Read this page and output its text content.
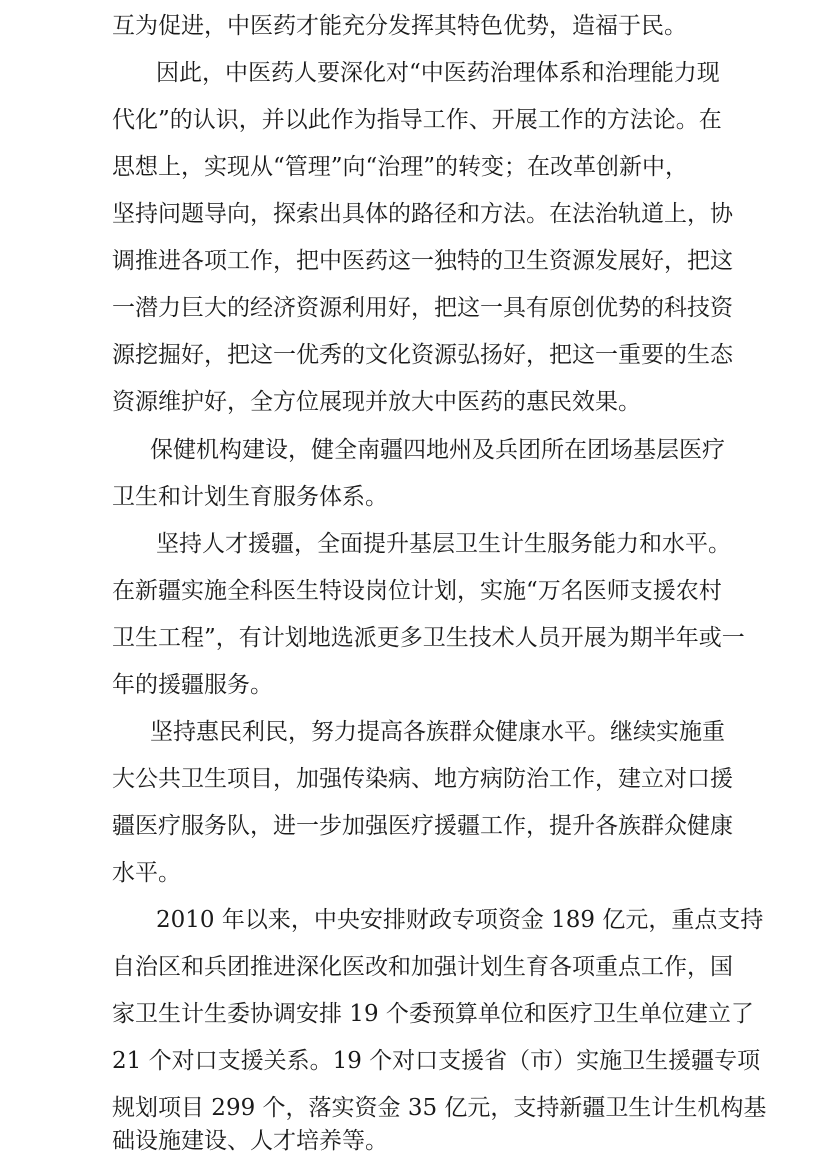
互为促进，中医药才能充分发挥其特色优势，造福于民。

因此，中医药人要深化对“中医药治理体系和治理能力现

代化”的认识，并以此作为指导工作、开展工作的方法论。在

思想上，实现从“管理”向“治理”的转变；在改革创新中，

坚持问题导向，探索出具体的路径和方法。在法治轨道上，协

调推进各项工作，把中医药这一独特的卫生资源发展好，把这

一潜力巨大的经济资源利用好，把这一具有原创优势的科技资

源挖掘好，把这一优秀的文化资源弘扬好，把这一重要的生态

资源维护好，全方位展现并放大中医药的惠民效果。

保健机构建设，健全南疆四地州及兵团所在团场基层医疗

卫生和计划生育服务体系。

坚持人才援疆，全面提升基层卫生计生服务能力和水平。

在新疆实施全科医生特设岗位计划，实施“万名医师支援农村

卫生工程”，有计划地选派更多卫生技术人员开展为期半年或一

年的援疆服务。

坚持惠民利民，努力提高各族群众健康水平。继续实施重

大公共卫生项目，加强传染病、地方病防治工作，建立对口援

疆医疗服务队，进一步加强医疗援疆工作，提升各族群众健康

水平。

2010 年以来，中央安排财政专项资金 189 亿元，重点支持

自治区和兵团推进深化医改和加强计划生育各项重点工作，国

家卫生计生委协调安排 19 个委预算单位和医疗卫生单位建立了

21 个对口支援关系。19 个对口支援省（市）实施卫生援疆专项

规划项目 299 个，落实资金 35 亿元，支持新疆卫生计生机构基

础设施建设、人才培养等。
